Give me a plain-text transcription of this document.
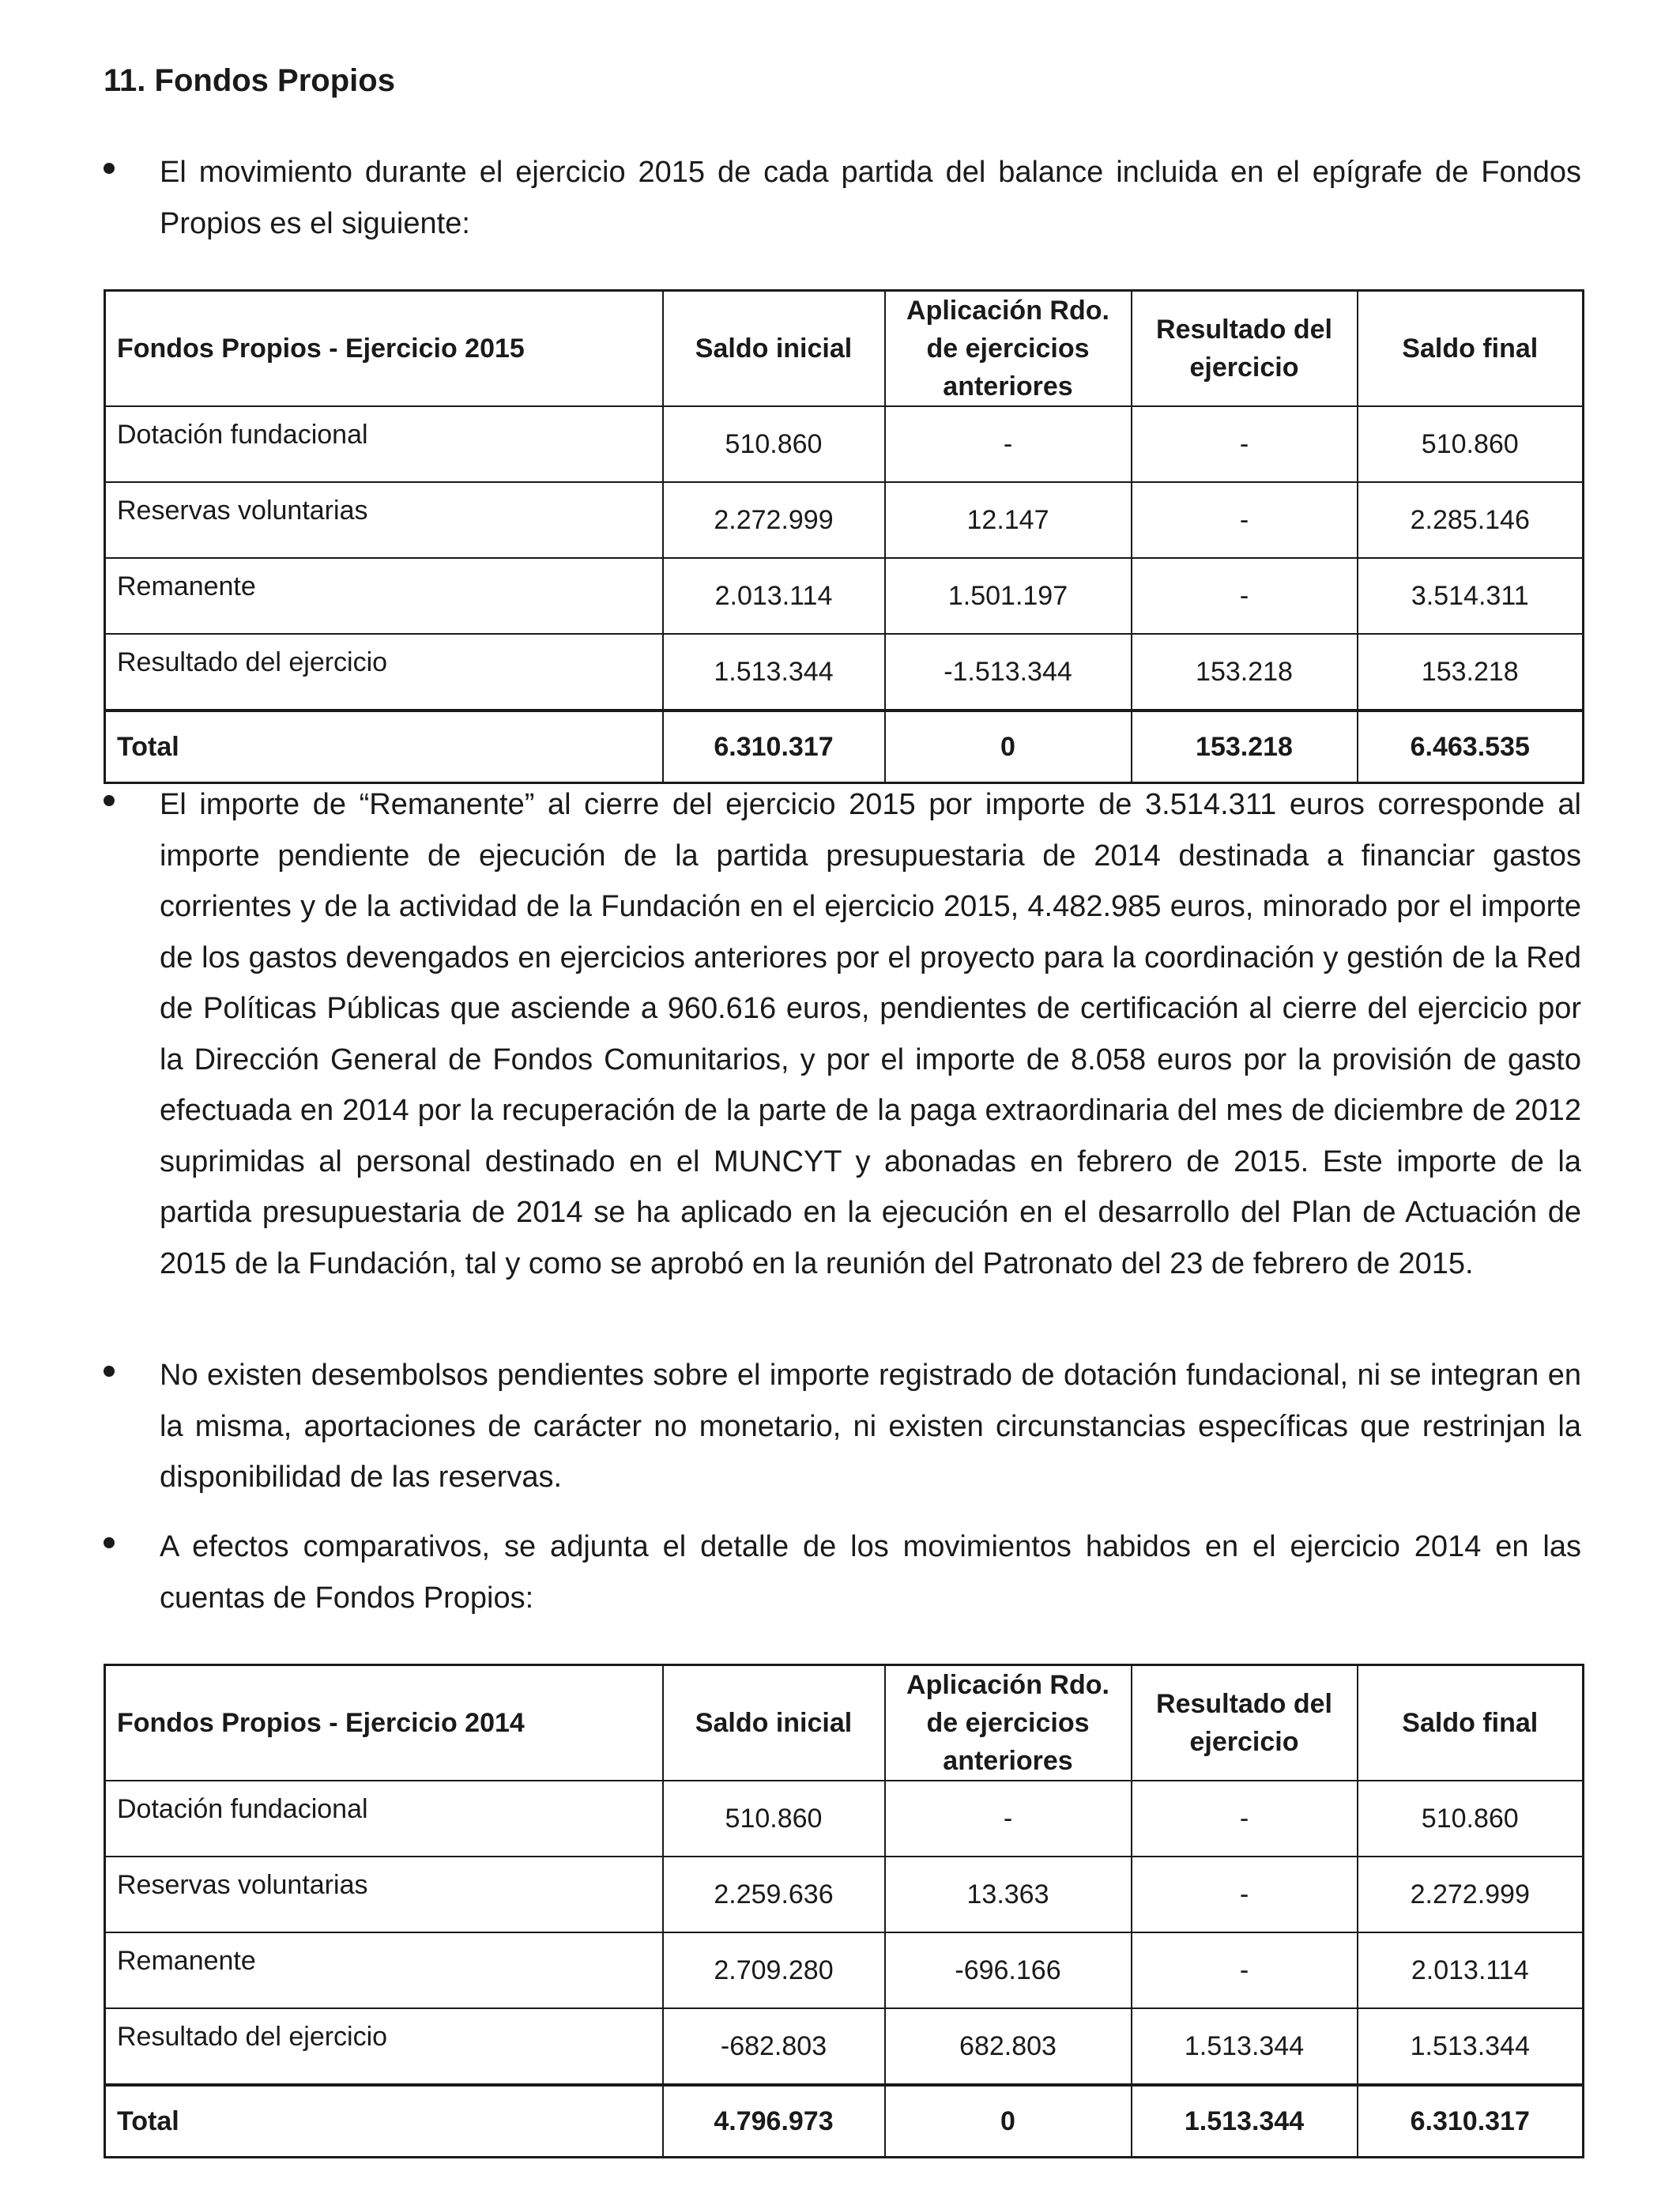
11. Fondos Propios
El movimiento durante el ejercicio 2015 de cada partida del balance incluida en el epígrafe de Fondos Propios es el siguiente:
Fondos Propios - Ejercicio 2015	Saldo inicial	Aplicación Rdo. de ejercicios anteriores	Resultado del ejercicio	Saldo final
Dotación fundacional	510.860	-	-	510.860
Reservas voluntarias	2.272.999	12.147	-	2.285.146
Remanente	2.013.114	1.501.197	-	3.514.311
Resultado del ejercicio	1.513.344	-1.513.344	153.218	153.218
Total	6.310.317	0	153.218	6.463.535
El importe de “Remanente” al cierre del ejercicio 2015 por importe de 3.514.311 euros corresponde al importe pendiente de ejecución de la partida presupuestaria de 2014 destinada a financiar gastos corrientes y de la actividad de la Fundación en el ejercicio 2015, 4.482.985 euros, minorado por el importe de los gastos devengados en ejercicios anteriores por el proyecto para la coordinación y gestión de la Red de Políticas Públicas que asciende a 960.616 euros, pendientes de certificación al cierre del ejercicio por la Dirección General de Fondos Comunitarios, y por el importe de 8.058 euros por la provisión de gasto efectuada en 2014 por la recuperación de la parte de la paga extraordinaria del mes de diciembre de 2012 suprimidas al personal destinado en el MUNCYT y abonadas en febrero de 2015. Este importe de la partida presupuestaria de 2014 se ha aplicado en la ejecución en el desarrollo del Plan de Actuación de 2015 de la Fundación, tal y como se aprobó en la reunión del Patronato del 23 de febrero de 2015.
No existen desembolsos pendientes sobre el importe registrado de dotación fundacional, ni se integran en la misma, aportaciones de carácter no monetario, ni existen circunstancias específicas que restrinjan la disponibilidad de las reservas.
A efectos comparativos, se adjunta el detalle de los movimientos habidos en el ejercicio 2014 en las cuentas de Fondos Propios:
Fondos Propios - Ejercicio 2014	Saldo inicial	Aplicación Rdo. de ejercicios anteriores	Resultado del ejercicio	Saldo final
Dotación fundacional	510.860	-	-	510.860
Reservas voluntarias	2.259.636	13.363	-	2.272.999
Remanente	2.709.280	-696.166	-	2.013.114
Resultado del ejercicio	-682.803	682.803	1.513.344	1.513.344
Total	4.796.973	0	1.513.344	6.310.317
